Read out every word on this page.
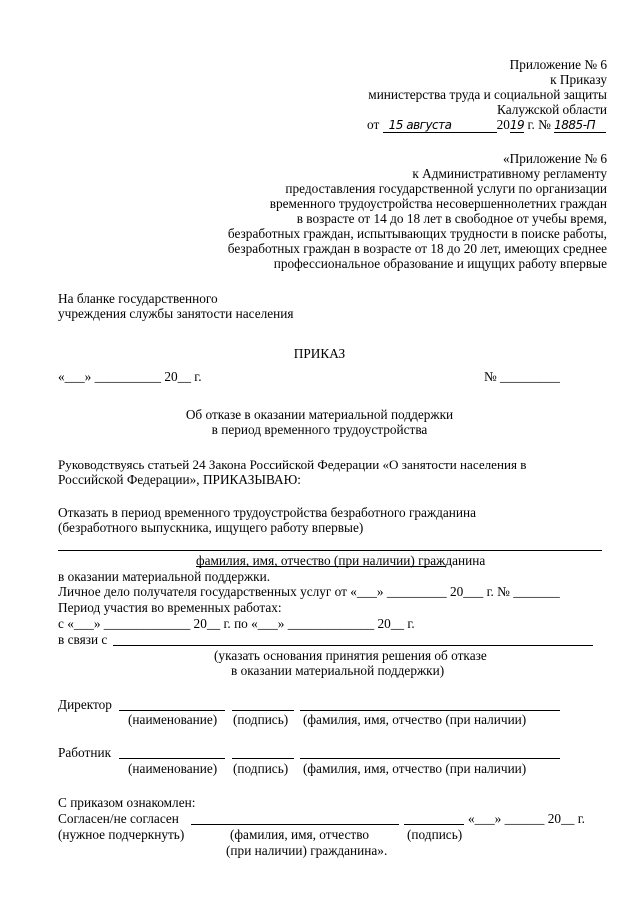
Приложение № 6
к Приказу
министерства труда и социальной защиты
Калужской области
от 15 августа	2019 г. № 1885-П
«Приложение № 6
к Административному регламенту
предоставления государственной услуги по организации
временного трудоустройства несовершеннолетних граждан
в возрасте от 14 до 18 лет в свободное от учебы время,
безработных граждан, испытывающих трудности в поиске работы,
безработных граждан в возрасте от 18 до 20 лет, имеющих среднее
профессиональное образование и ищущих работу впервые
На бланке государственного
учреждения службы занятости населения
ПРИКАЗ
«___» __________ 20__ г.	№ _________
Об отказе в оказании материальной поддержки
в период временного трудоустройства
Руководствуясь статьей 24 Закона Российской Федерации «О занятости населения в
Российской Федерации», ПРИКАЗЫВАЮ:
Отказать в период временного трудоустройства безработного гражданина
(безработного выпускника, ищущего работу впервые)
фамилия, имя, отчество (при наличии) гражданина
в оказании материальной поддержки.
Личное дело получателя государственных услуг от «___» _________ 20___ г. № _______
Период участия во временных работах:
с «___» _____________ 20__ г. по «___» _____________ 20__ г.
в связи с
(указать основания принятия решения об отказе
в оказании материальной поддержки)
Директор
(наименование) (подпись) (фамилия, имя, отчество (при наличии)
Работник
(наименование) (подпись) (фамилия, имя, отчество (при наличии)
С приказом ознакомлен:
Согласен/не согласен	«___» ______ 20__ г.
(нужное подчеркнуть)	(фамилия, имя, отчество	(подпись)
(при наличии) гражданина».
